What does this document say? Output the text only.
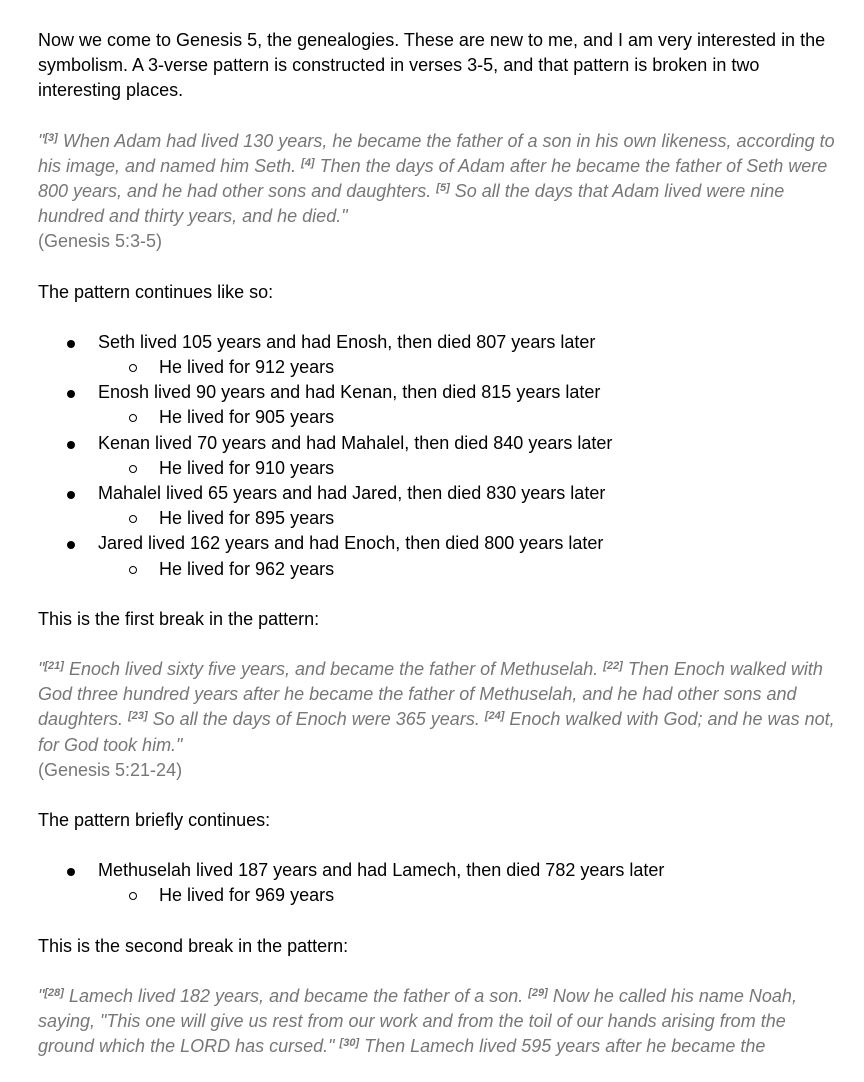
Now we come to Genesis 5, the genealogies. These are new to me, and I am very interested in the symbolism. A 3-verse pattern is constructed in verses 3-5, and that pattern is broken in two interesting places.

"[3] When Adam had lived 130 years, he became the father of a son in his own likeness, according to his image, and named him Seth. [4] Then the days of Adam after he became the father of Seth were 800 years, and he had other sons and daughters. [5] So all the days that Adam lived were nine hundred and thirty years, and he died."

(Genesis 5:3-5)

The pattern continues like so:

Seth lived 105 years and had Enosh, then died 807 years later
He lived for 912 years
Enosh lived 90 years and had Kenan, then died 815 years later
He lived for 905 years
Kenan lived 70 years and had Mahalel, then died 840 years later
He lived for 910 years
Mahalel lived 65 years and had Jared, then died 830 years later
He lived for 895 years
Jared lived 162 years and had Enoch, then died 800 years later
He lived for 962 years

This is the first break in the pattern:

"[21] Enoch lived sixty five years, and became the father of Methuselah. [22] Then Enoch walked with God three hundred years after he became the father of Methuselah, and he had other sons and daughters. [23] So all the days of Enoch were 365 years. [24] Enoch walked with God; and he was not, for God took him."

(Genesis 5:21-24)

The pattern briefly continues:

Methuselah lived 187 years and had Lamech, then died 782 years later
He lived for 969 years

This is the second break in the pattern:

"[28] Lamech lived 182 years, and became the father of a son. [29] Now he called his name Noah, saying, "This one will give us rest from our work and from the toil of our hands arising from the ground which the LORD has cursed." [30] Then Lamech lived 595 years after he became the
